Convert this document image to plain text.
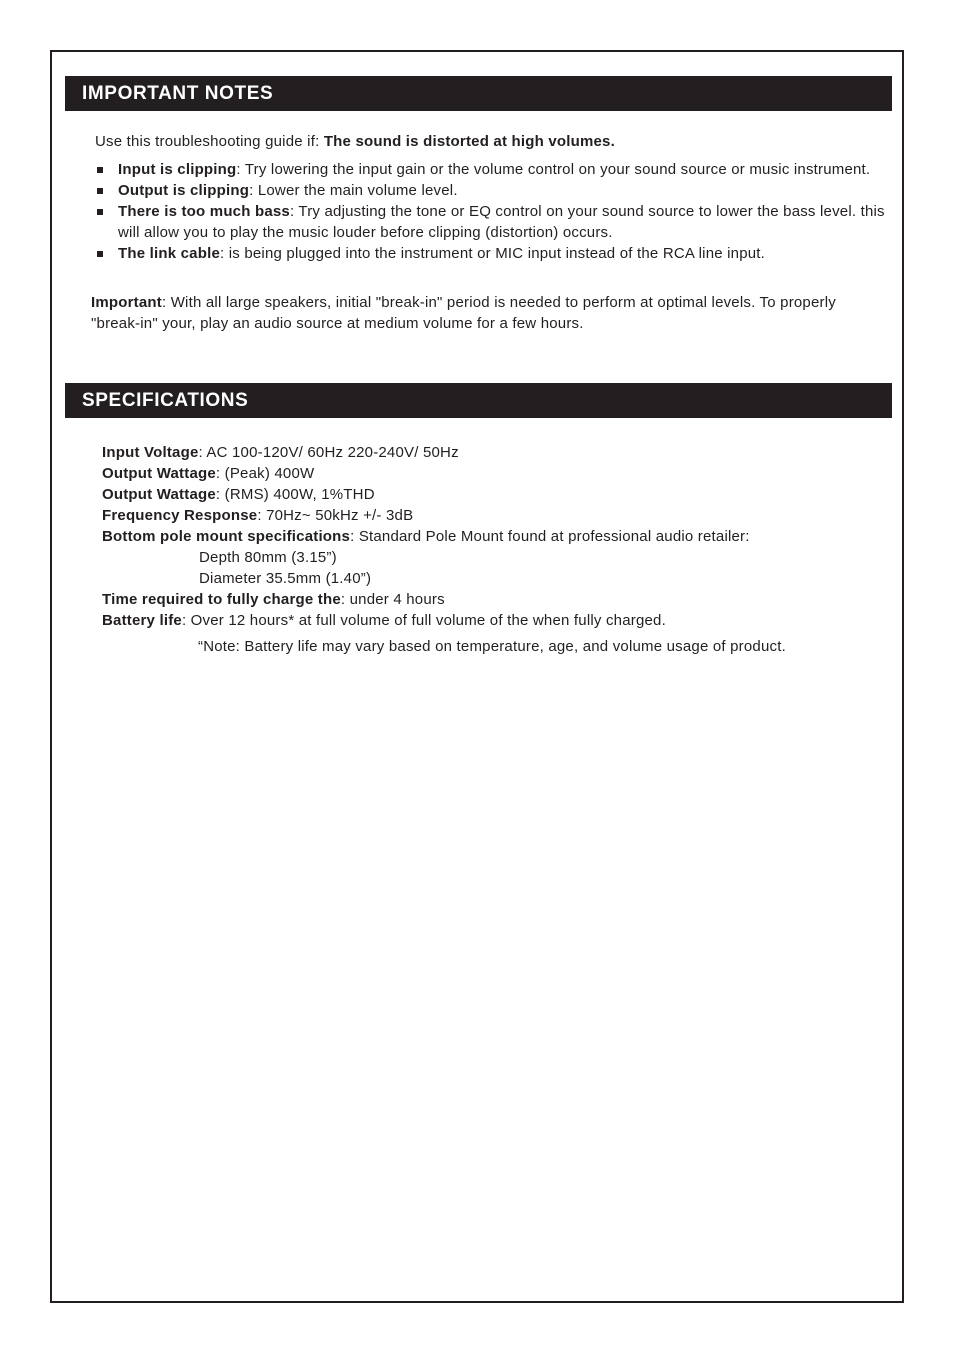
IMPORTANT NOTES
Use this troubleshooting guide if: The sound is distorted at high volumes.
Input is clipping: Try lowering the input gain or the volume control on your sound source or music instrument.
Output is clipping: Lower the main volume level.
There is too much bass: Try adjusting the tone or EQ control on your sound source to lower the bass level. this will allow you to play the music louder before clipping (distortion) occurs.
The link cable: is being plugged into the instrument or MIC input instead of the RCA line input.
Important: With all large speakers, initial "break-in" period is needed to perform at optimal levels. To properly "break-in" your, play an audio source at medium volume for a few hours.
SPECIFICATIONS
Input Voltage: AC 100-120V/ 60Hz 220-240V/ 50Hz
Output Wattage: (Peak) 400W
Output Wattage: (RMS) 400W, 1%THD
Frequency Response: 70Hz~ 50kHz +/- 3dB
Bottom pole mount specifications: Standard Pole Mount found at professional audio retailer:
Depth 80mm (3.15”)
Diameter 35.5mm (1.40”)
Time required to fully charge the: under 4 hours
Battery life: Over 12 hours* at full volume of full volume of the when fully charged.
“Note: Battery life may vary based on temperature, age, and volume usage of product.
